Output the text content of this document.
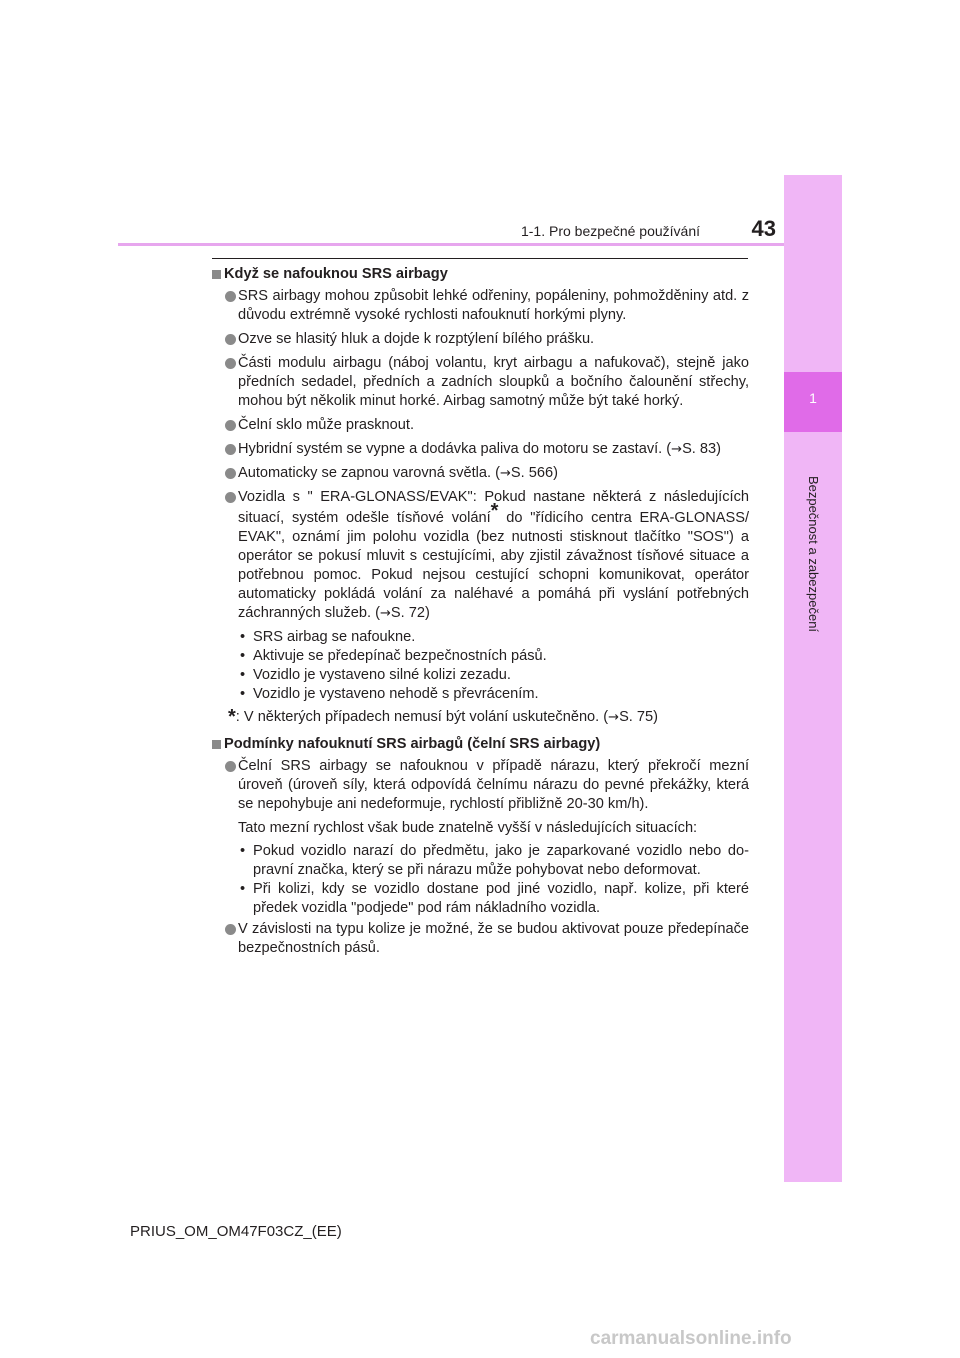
1
Bezpečnost a zabezpečení
1-1. Pro bezpečné používání	43
Když se nafouknou SRS airbagy
SRS airbagy mohou způsobit lehké odřeniny, popáleniny, pohmožděniny atd. z důvodu extrémně vysoké rychlosti nafouknutí horkými plyny.
Ozve se hlasitý hluk a dojde k rozptýlení bílého prášku.
Části modulu airbagu (náboj volantu, kryt airbagu a nafukovač), stejně jako předních sedadel, předních a zadních sloupků a bočního čalounění střechy, mohou být několik minut horké. Airbag samotný může být také horký.
Čelní sklo může prasknout.
Hybridní systém se vypne a dodávka paliva do motoru se zastaví. (→S. 83)
Automaticky se zapnou varovná světla. (→S. 566)
Vozidla s " ERA-GLONASS/EVAK": Pokud nastane některá z následujících situací, systém odešle tísňové volání* do "řídicího centra ERA-GLONASS/ EVAK", oznámí jim polohu vozidla (bez nutnosti stisknout tlačítko "SOS") a operátor se pokusí mluvit s cestujícími, aby zjistil závažnost tísňové situace a potřebnou pomoc. Pokud nejsou cestující schopni komunikovat, operátor automaticky pokládá volání za naléhavé a pomáhá při vyslání potřebných záchranných služeb. (→S. 72)
• SRS airbag se nafoukne.
• Aktivuje se předepínač bezpečnostních pásů.
• Vozidlo je vystaveno silné kolizi zezadu.
• Vozidlo je vystaveno nehodě s převrácením.
*: V některých případech nemusí být volání uskutečněno. (→S. 75)
Podmínky nafouknutí SRS airbagů (čelní SRS airbagy)
Čelní SRS airbagy se nafouknou v případě nárazu, který překročí mezní úroveň (úroveň síly, která odpovídá čelnímu nárazu do pevné překážky, která se nepohybuje ani nedeformuje, rychlostí přibližně 20-30 km/h).
Tato mezní rychlost však bude znatelně vyšší v následujících situacích:
• Pokud vozidlo narazí do předmětu, jako je zaparkované vozidlo nebo do- pravní značka, který se při nárazu může pohybovat nebo deformovat.
• Při kolizi, kdy se vozidlo dostane pod jiné vozidlo, např. kolize, při které předek vozidla "podjede" pod rám nákladního vozidla.
V závislosti na typu kolize je možné, že se budou aktivovat pouze předepínače bezpečnostních pásů.
PRIUS_OM_OM47F03CZ_(EE)
carmanualsonline.info
